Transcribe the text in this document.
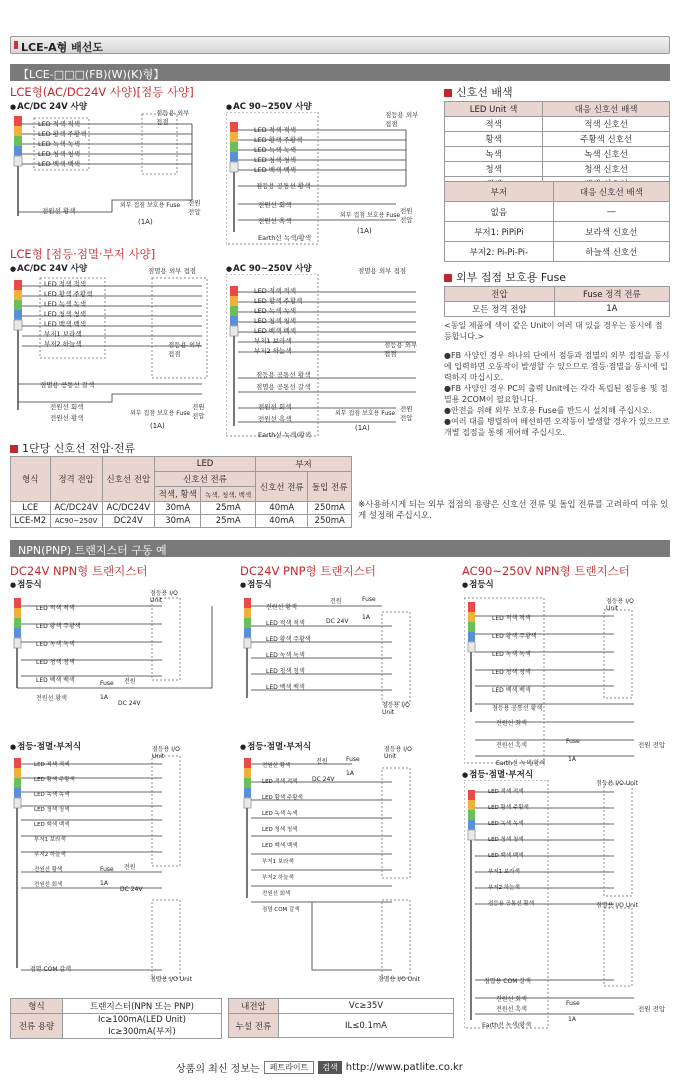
LCE-A형 배선도
【LCE-□□□(FB)(W)(K)형】
LCE형(AC/DC24V 사양)[점등 사양]
● AC/DC 24V 사양	● AC 90~250V 사양
LED 적색 적색
LED 황색 주황색
LED 녹색 녹색
LED 청색 청색
LED 백색 백색
점등용 외부 접점
전원선 황색
외부 접점 보호용 Fuse
(1A)
전원 전압
LED 적색 적색
LED 황색 주황색
LED 녹색 녹색
LED 청색 청색
LED 백색 백색
점등용 공통선 황색
전원선 회색
전원선 흑색
Earth선 녹색/황색
점등용 외부 접점
외부 접점 보호용 Fuse
(1A)
전원 전압
LCE형 [점등·점멸·부저 사양]
● AC/DC 24V 사양	● AC 90~250V 사양
LED 적색 적색
LED 황색 주황색
LED 녹색 녹색
LED 청색 청색
LED 백색 백색
부저1 보라색
부저2 하늘색
점멸용 외부 접점
점등용 외부 접점
점멸용 공통선 갈색
전원선 회색
전원선 황색
외부 접점 보호용 Fuse
(1A)
전원 전압
LED 적색 적색
LED 황색 주황색
LED 녹색 녹색
LED 청색 청색
LED 백색 백색
부저1 보라색
부저2 하늘색
점멸용 외부 접점
점등용 외부 접점
점등용 공통선 황색
점멸용 공통선 갈색
전원선 회색
전원선 흑색
Earth선 녹색/황색
외부 접점 보호용 Fuse
(1A)
전원 전압
신호선 배색
LED Unit 색	대응 신호선 배색
적색	적색 신호선
황색	주황색 신호선
녹색	녹색 신호선
청색	청색 신호선

부저	대응 신호선 배색
없음	―
부저1: PiPiPi	보라색 신호선
부저2: Pi-Pi-Pi-	하늘색 신호선
외부 접점 보호용 Fuse
전압	Fuse 정격 전류
모든 정격 전압	1A
<동일 제품에 색이 같은 Unit이 여러 대 있을 경우는 동시에 점등합니다.>
●FB 사양인 경우 하나의 단에서 점등과 점멸의 외부 접점을 동시에 입력하면 오동작이 발생할 수 있으므로 점등·점멸을 동시에 입력하지 마십시오.
●FB 사양인 경우 PC의 출력 Unit에는 각각 독립된 점등용 및 점멸용 2COM이 필요합니다.
●안전을 위해 외부 보호용 Fuse를 반드시 설치해 주십시오.
●여러 대를 병렬하여 배선하면 오작동이 발생할 경우가 있으므로 개별 접점을 통해 제어해 주십시오.
1단당 신호선 전압·전류
형식	정격 전압	신호선 전압	LED		부저	
			신호선 전류		신호선 전류	돌입 전류
			적색, 황색	녹색, 청색, 백색		
LCE	AC/DC24V	AC/DC24V	30mA	25mA	40mA	250mA
LCE-M2	AC90~250V	DC24V	30mA	25mA	40mA	250mA
※사용하시게 되는 외부 접점의 용량은 신호선 전류 및 돌입 전류를 고려하여 여유 있게 설정해 주십시오.
NPN(PNP) 트랜지스터 구동 예
DC24V NPN형 트랜지스터	DC24V PNP형 트랜지스터	AC90~250V NPN형 트랜지스터
● 점등식	● 점등식	● 점등식
LED 적색 적색
LED 황색 주황색
LED 녹색 녹색
LED 청색 청색
LED 백색 백색
전원선 황색
점등용 I/O Unit
Fuse
1A
전원
DC 24V
전원선 황색
LED 적색 적색
LED 황색 주황색
LED 녹색 녹색
LED 청색 청색
LED 백색 백색
점등용 I/O Unit
전원
DC 24V
Fuse
1A	LED 적색 적색
LED 황색 주황색
LED 녹색 녹색
LED 청색 청색
LED 백색 백색
점등용 공통선 황색
전원선 회색
전원선 흑색
Earth선 녹색/황색
점등용 I/O Unit
Fuse
1A
전원 전압
● 점등·점멸·부저식	● 점등·점멸·부저식
● 점등·점멸·부저식
LED 적색 적색
LED 황색 주황색
LED 녹색 녹색
LED 청색 청색
LED 백색 백색
부저1 보라색
부저2 하늘색
전원선 황색
전원선 회색
점멸 COM 갈색
점등용 I/O Unit
점멸용 I/O Unit
Fuse
1A
전원
DC 24V
전원선 황색
LED 적색 적색
LED 황색 주황색
LED 녹색 녹색
LED 청색 청색
LED 백색 백색
부저1 보라색
부저2 하늘색
전원선 회색
점멸 COM 갈색
점등용 I/O Unit
점멸용 I/O Unit
전원
DC 24V
Fuse
1A
LED 적색 적색
LED 황색 주황색
LED 녹색 녹색
LED 청색 청색
LED 백색 백색
부저1 보라색
부저2 하늘색
점등용 공통선 황색
점멸용 COM 갈색
전원선 회색
전원선 흑색
Earth선 녹색/황색
점등용 I/O Unit
점멸용 I/O Unit
Fuse
1A
전원 전압
형식	트랜지스터(NPN 또는 PNP)
전류 용량	Ic≥100mA(LED Unit)
Ic≥300mA(부저)
내전압	Vc≥35V
누설 전류	IL≤0.1mA
상품의 최신 정보는	페트라이트	검색 http://www.patlite.co.kr
